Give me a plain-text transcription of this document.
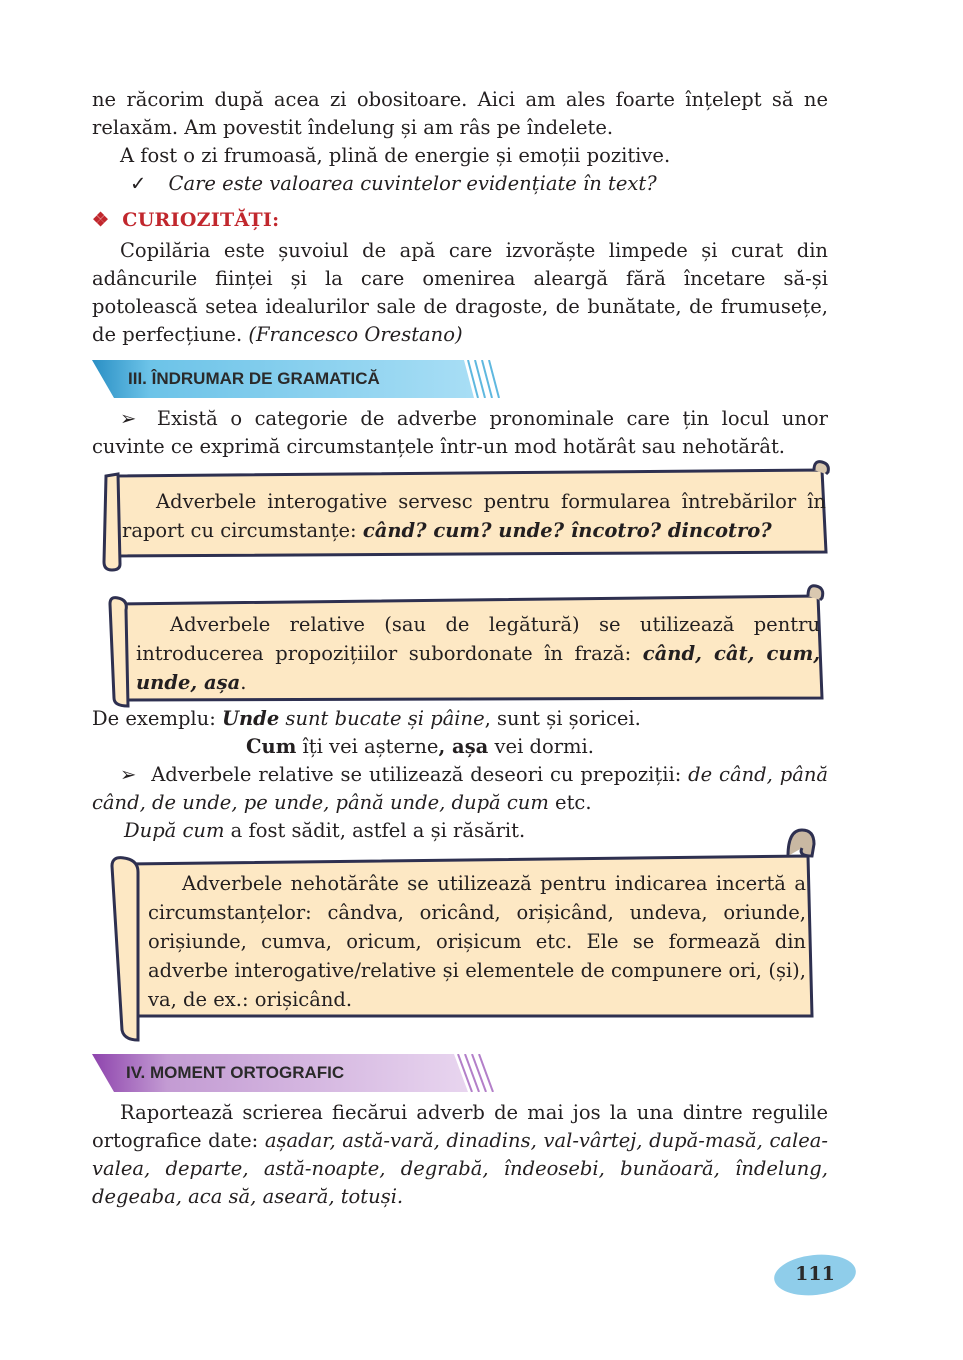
ne răcorim după acea zi obositoare. Aici am ales foarte înțelept să ne

relaxăm. Am povestit îndelung și am râs pe îndelete.

A fost o zi frumoasă, plină de energie și emoții pozitive.

✓ Care este valoarea cuvintelor evidențiate în text?
❖ CURIOZITĂȚI:

Copilăria este șuvoiul de apă care izvorăște limpede și curat din adâncurile ființei și la care omenirea aleargă fără încetare să-și potolească setea idealurilor sale de dragoste, de bunătate, de frumusețe, de perfecțiune. (Francesco Orestano)

III. ÎNDRUMAR DE GRAMATICĂ
➢ Există o categorie de adverbe pronominale care țin locul unor cuvinte ce exprimă circumstanțele într-un mod hotărât sau nehotărât.

Adverbele interogative servesc pentru formularea întrebărilor în raport cu circumstanțe: când? cum? unde? încotro? dincotro?

Adverbele relative (sau de legătură) se utilizează pentru introducerea propozițiilor subordonate în frază: când, cât, cum, unde, așa.

De exemplu: Unde sunt bucate și pâine, sunt și șoricei.

Cum îți vei așterne, așa vei dormi.

➢ Adverbele relative se utilizează deseori cu prepoziții: de când, până când, de unde, pe unde, până unde, după cum etc.

După cum a fost sădit, astfel a și răsărit.

Adverbele nehotărâte se utilizează pentru indicarea incertă a circumstanțelor: cândva, oricând, orișicând, undeva, oriunde, orișiunde, cumva, oricum, orișicum etc. Ele se formează din adverbe interogative/relative și elementele de compunere ori, (și), va, de ex.: orișicând.

IV. MOMENT ORTOGRAFIC

Raportează scrierea fiecărui adverb de mai jos la una dintre regulile ortografice date: așadar, astă-vară, dinadins, val-vârtej, după-masă, calea-valea, departe, astă-noapte, degrabă, îndeosebi, bunăoară, îndelung, degeaba, aca să, aseară, totuși.

111
